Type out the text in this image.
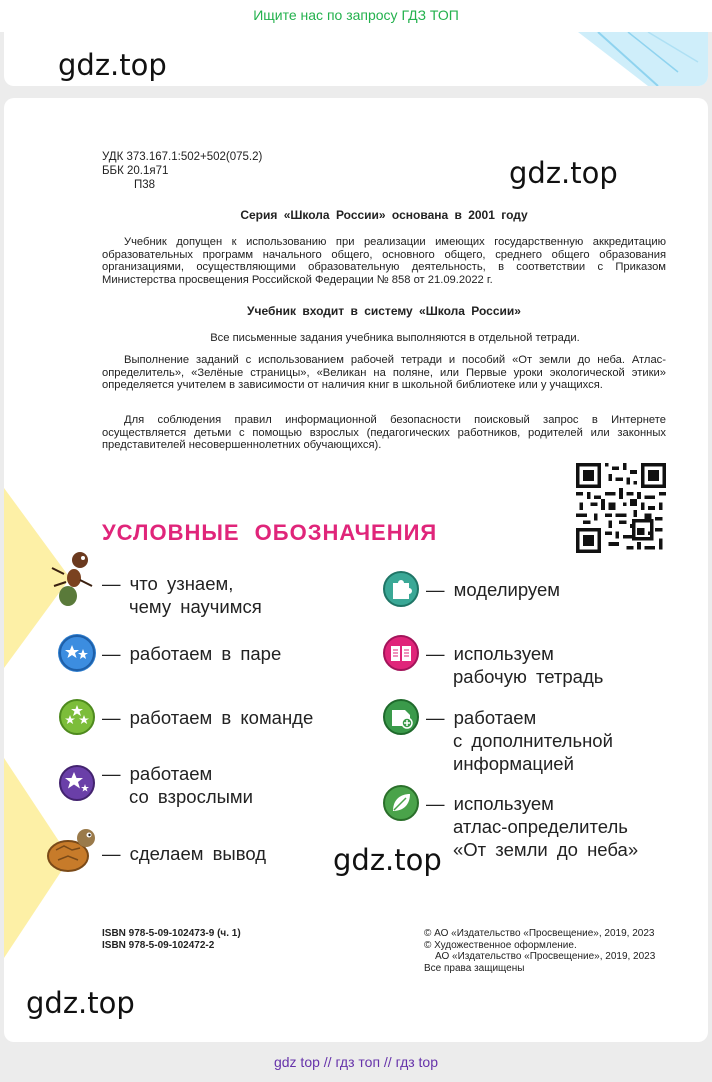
Ищите нас по запросу ГДЗ ТОП
gdz.top
УДК 373.167.1:502+502(075.2)
ББК 20.1я71
П38
Серия «Школа России» основана в 2001 году
Учебник допущен к использованию при реализации имеющих государственную аккредитацию образовательных программ начального общего, основного общего, среднего общего образования организациями, осуществляющими образовательную деятельность, в соответствии с Приказом Министерства просвещения Российской Федерации № 858 от 21.09.2022 г.
Учебник входит в систему «Школа России»
Все письменные задания учебника выполняются в отдельной тетради.
Выполнение заданий с использованием рабочей тетради и пособий «От земли до неба. Атлас-определитель», «Зелёные страницы», «Великан на поляне, или Первые уроки экологической этики» определяется учителем в зависимости от наличия книг в школьной библиотеке или у учащихся.
Для соблюдения правил информационной безопасности поисковый запрос в Интернете осуществляется детьми с помощью взрослых (педагогических работников, родителей или законных представителей несовершеннолетних обучающихся).
УСЛОВНЫЕ ОБОЗНАЧЕНИЯ
— что узнаем,
чему научимся
— работаем в паре
— работаем в команде
— работаем
со взрослыми
— сделаем вывод
— моделируем
— используем
рабочую тетрадь
— работаем
с дополнительной
информацией
— используем
атлас-определитель
«От земли до неба»
ISBN 978-5-09-102473-9 (ч. 1)
ISBN 978-5-09-102472-2
© АО «Издательство «Просвещение», 2019, 2023
© Художественное оформление.
АО «Издательство «Просвещение», 2019, 2023
Все права защищены
gdz.top
gdz.top
gdz.top
gdz top // гдз топ // гдз top
